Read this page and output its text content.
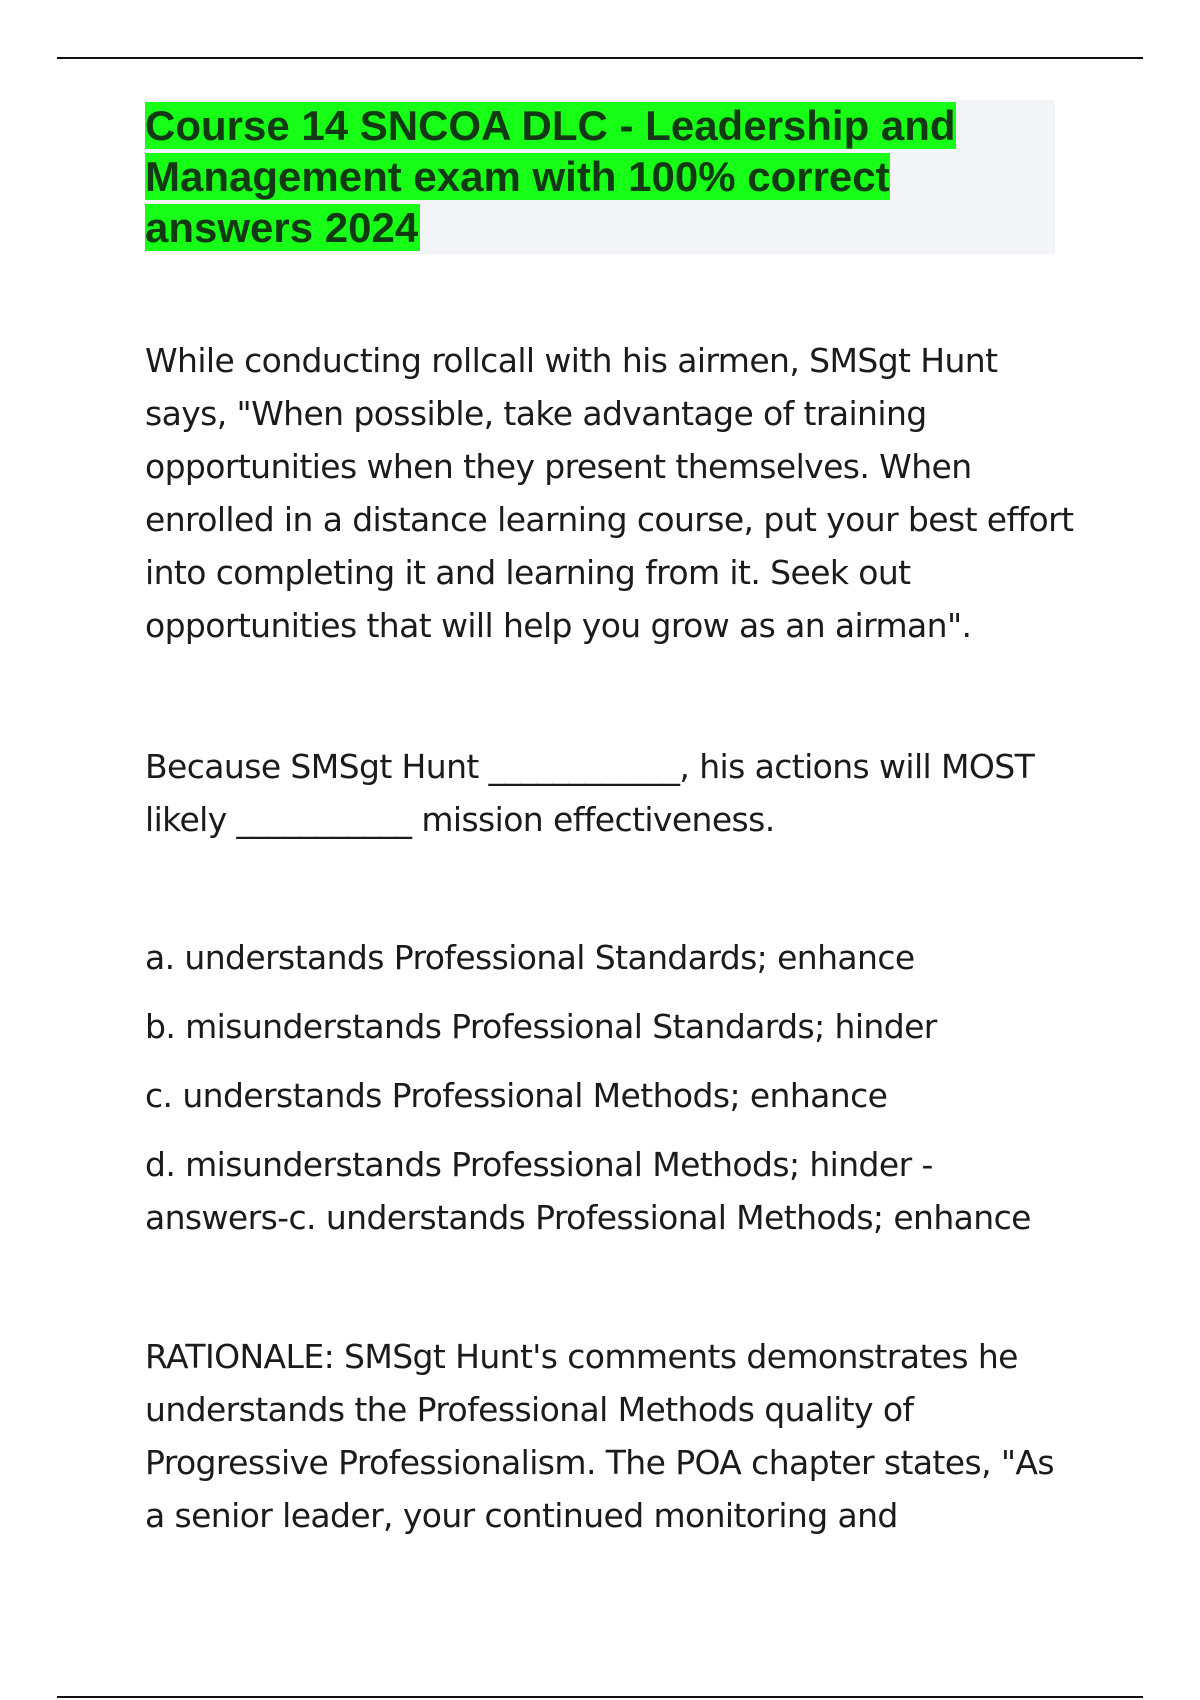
Course 14 SNCOA DLC - Leadership and Management exam with 100% correct answers 2024

While conducting rollcall with his airmen, SMSgt Hunt says, "When possible, take advantage of training opportunities when they present themselves. When enrolled in a distance learning course, put your best effort into completing it and learning from it. Seek out opportunities that will help you grow as an airman".

Because SMSgt Hunt ____________, his actions will MOST likely ___________ mission effectiveness.

a. understands Professional Standards; enhance
b. misunderstands Professional Standards; hinder
c. understands Professional Methods; enhance
d. misunderstands Professional Methods; hinder - answers-c. understands Professional Methods; enhance

RATIONALE: SMSgt Hunt's comments demonstrates he understands the Professional Methods quality of Progressive Professionalism. The POA chapter states, "As a senior leader, your continued monitoring and
